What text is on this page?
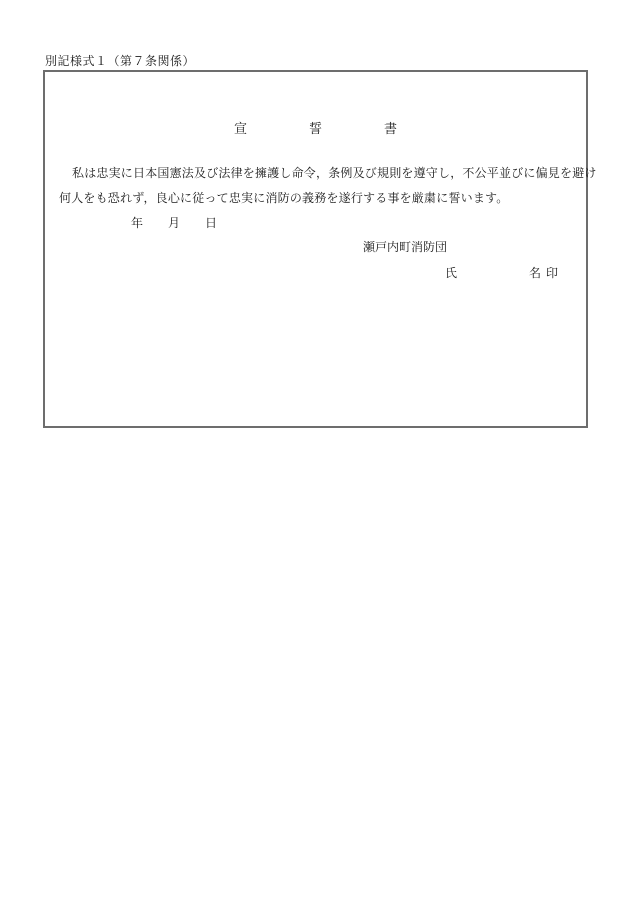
別記様式１（第７条関係）
宣	誓	書
私は忠実に日本国憲法及び法律を擁護し命令，条例及び規則を遵守し，不公平並びに偏見を避け
何人をも恐れず，良心に従って忠実に消防の義務を遂行する事を厳粛に誓います。
年 月 日
瀬戸内町消防団
氏	名 印
